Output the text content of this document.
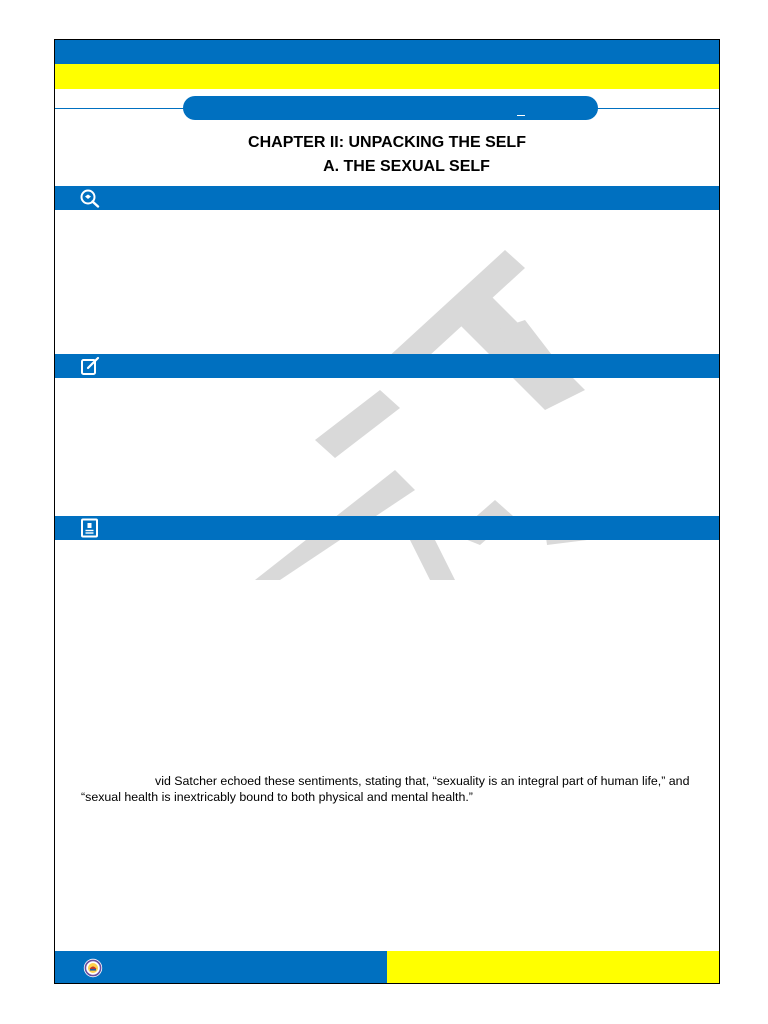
CHAPTER II: UNPACKING THE SELF
A. THE SEXUAL SELF

vid Satcher echoed these sentiments, stating that, “sexuality is an integral part of human life,” and “sexual health is inextricably bound to both physical and mental health.”
